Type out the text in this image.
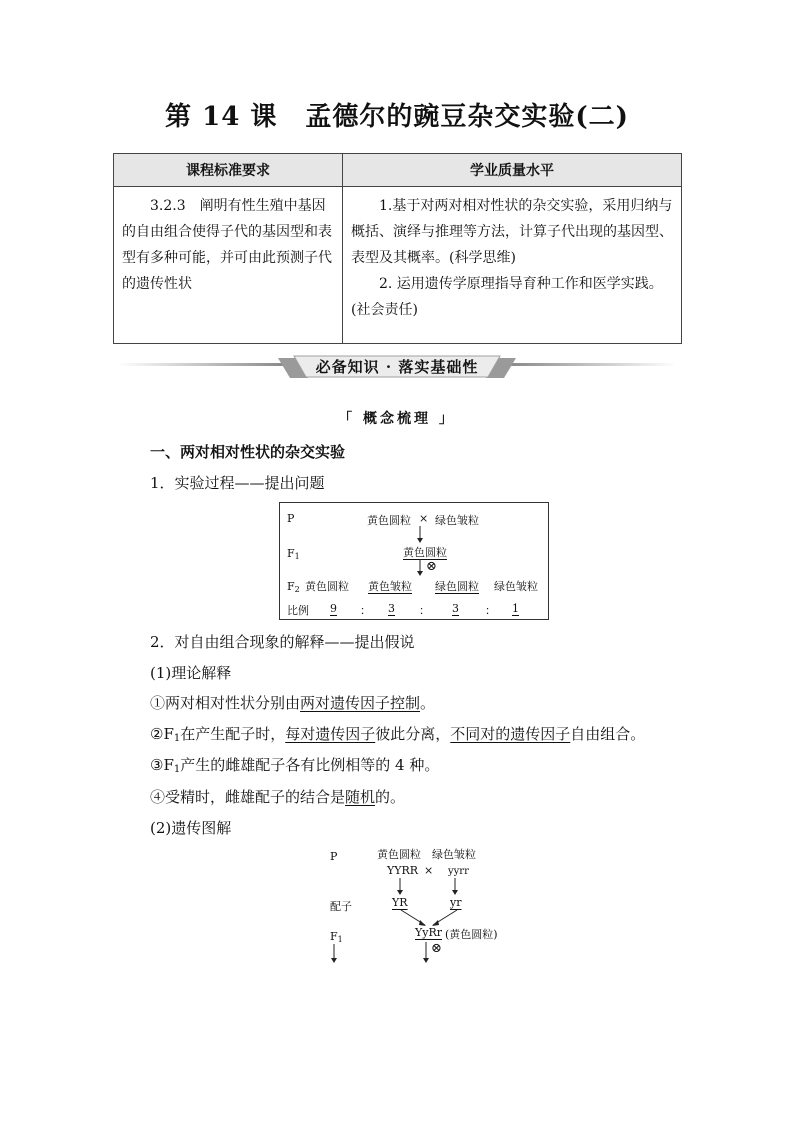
第 14 课 孟德尔的豌豆杂交实验(二)
课程标准要求	学业质量水平

3.2.3　阐明有性生殖中基因的自由组合使得子代的基因型和表型有多种可能，并可由此预测子代的遗传性状	1.基于对两对相对性状的杂交实验，采用归纳与概括、演绎与推理等方法，计算子代出现的基因型、表型及其概率。(科学思维)

2. 运用遗传学原理指导育种工作和医学实践。(社会责任)

必备知识 · 落实基础性
「 概念梳理 」
一、两对相对性状的杂交实验
1．实验过程——提出问题
P	黄色圆粒 × 绿色皱粒
$F_1$	黄色圆粒
⊗
$F_2$ 黄色圆粒 黄色皱粒 绿色圆粒 绿色皱粒
比例 9 ： 3 ： 3 ： 1
2．对自由组合现象的解释——提出假说
(1)理论解释
①两对相对性状分别由两对遗传因子控制。
$②F_1$在产生配子时，每对遗传因子彼此分离，不同对的遗传因子自由组合。
$③F_1$产生的雌雄配子各有比例相等的 4 种。
④受精时，雌雄配子的结合是随机的。
(2)遗传图解
P	黄色圆粒 绿色皱粒
YYRR × yyrr
配子	YR	yr
$F_1$
YyRr (黄色圆粒)
⊗
